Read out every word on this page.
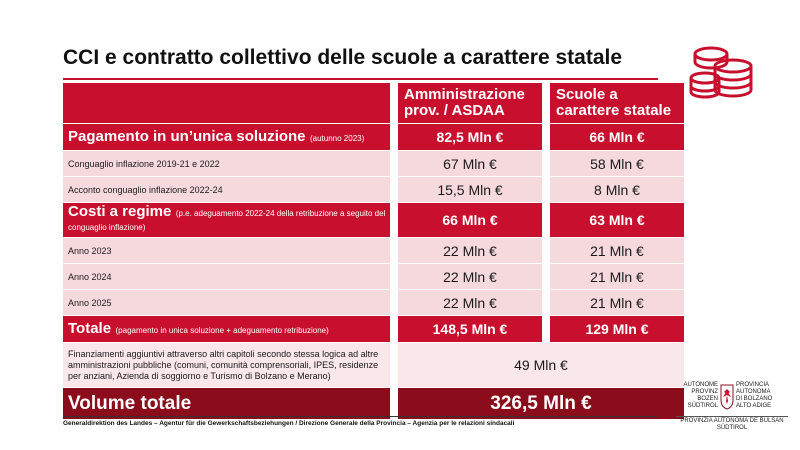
CCI e contratto collettivo delle scuole a carattere statale
	Amministrazione prov. / ASDAA	Scuole a carattere statale
Pagamento in un’unica soluzione (autunno 2023)	82,5 Mln €	66 Mln €
Conguaglio inflazione 2019-21 e 2022	67 Mln €	58 Mln €
Acconto conguaglio inflazione 2022-24	15,5 Mln €	8 Mln €
Costi a regime (p.e. adeguamento 2022-24 della retribuzione a seguito del conguaglio inflazione)	66 Mln €	63 Mln €
Anno 2023	22 Mln €	21 Mln €
Anno 2024	22 Mln €	21 Mln €
Anno 2025	22 Mln €	21 Mln €
Totale (pagamento in unica soluzione + adeguamento retribuzione)	148,5 Mln €	129 Mln €
Finanziamenti aggiuntivi attraverso altri capitoli secondo stessa logica ad altre amministrazioni pubbliche (comuni, comunità comprensoriali, IPES, residenze per anziani, Azienda di soggiorno e Turismo di Bolzano e Merano)	49 Mln €	
Volume totale	326,5 Mln €	
Generaldirektion des Landes – Agentur für die Gewerkschaftsbeziehungen / Direzione Generale della Provincia – Agenzia per le relazioni sindacali
AUTONOME
PROVINZ
BOZEN
SÜDTIROL
PROVINCIA
AUTONOMA
DI BOLZANO
ALTO ADIGE
PROVINZIA AUTONOMA DE BULSAN
SÜDTIROL
